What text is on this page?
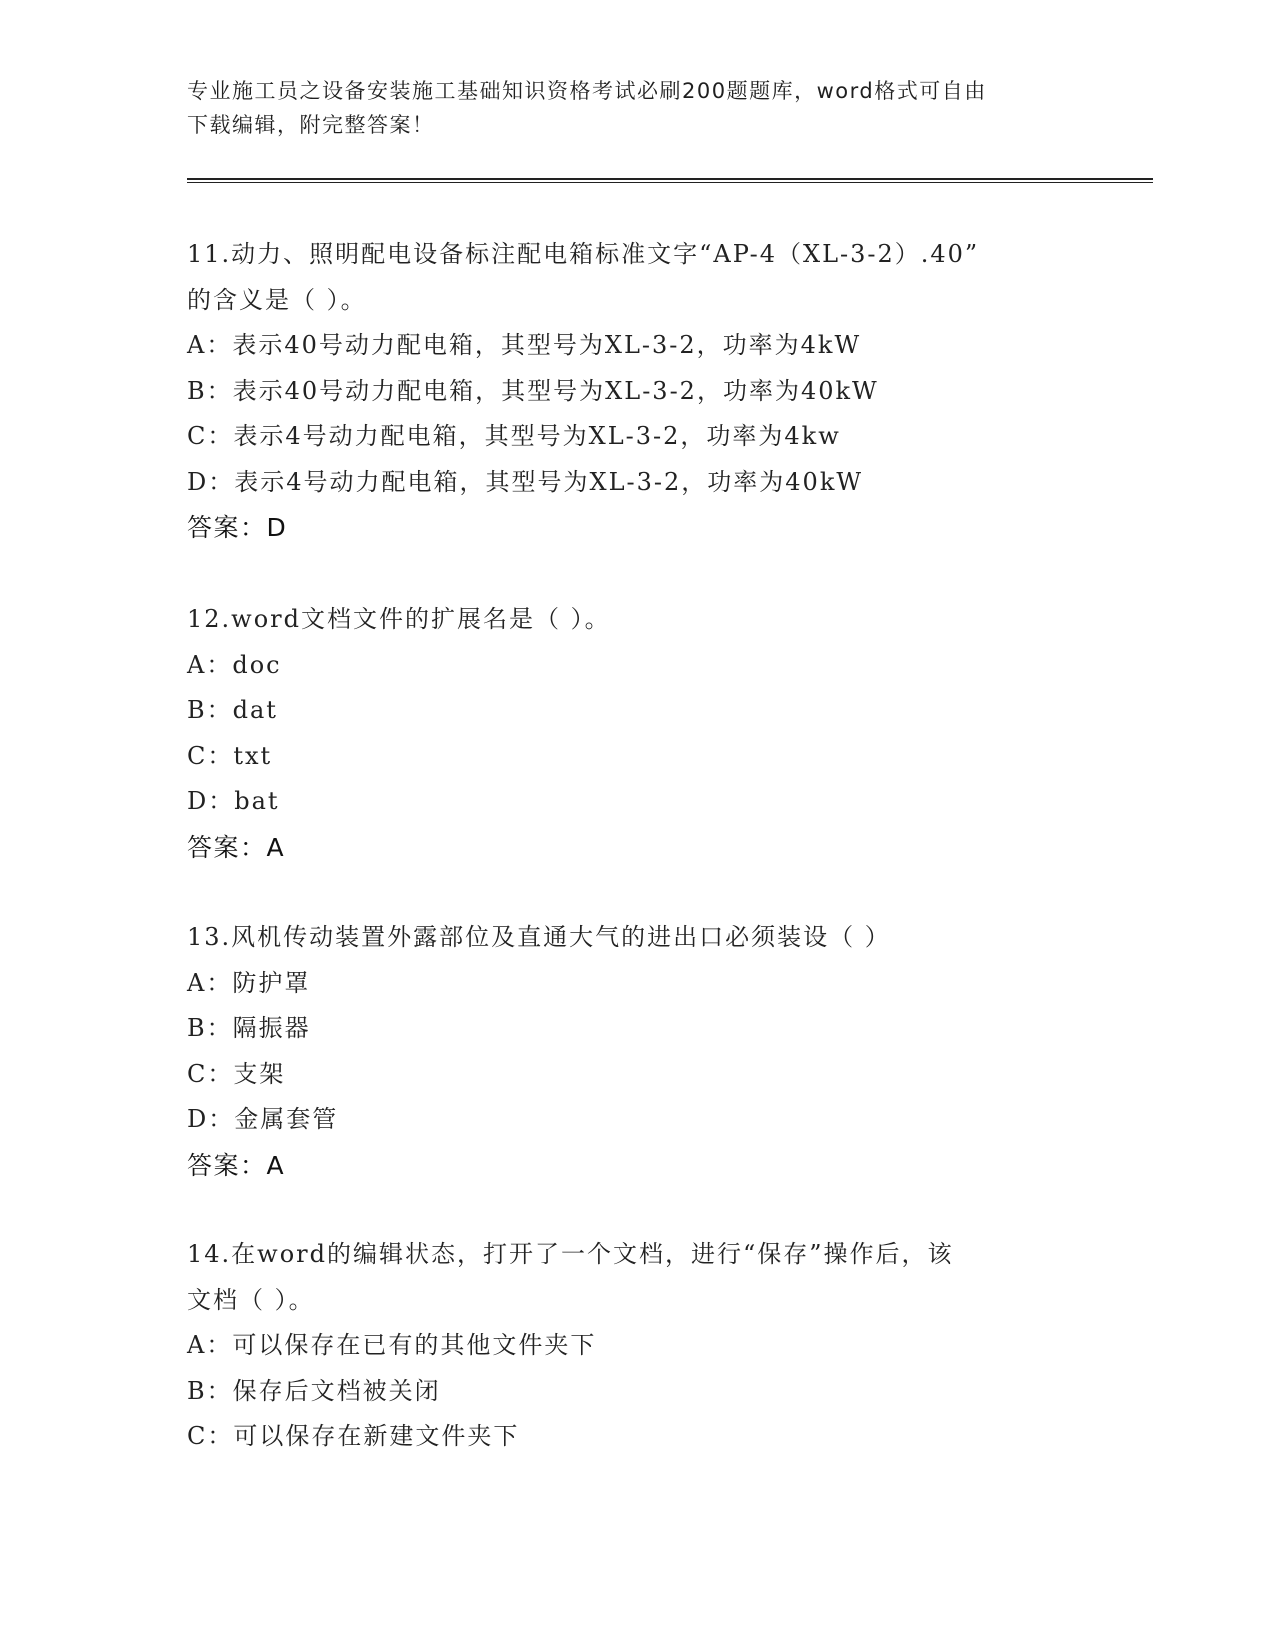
专业施工员之设备安装施工基础知识资格考试必刷200题题库，word格式可自由
下载编辑，附完整答案！
11.动力、照明配电设备标注配电箱标准文字“AP-4（XL-3-2）.40”
的含义是（ ）。
A：表示40号动力配电箱，其型号为XL-3-2，功率为4kW
B：表示40号动力配电箱，其型号为XL-3-2，功率为40kW
C：表示4号动力配电箱，其型号为XL-3-2，功率为4kw
D：表示4号动力配电箱，其型号为XL-3-2，功率为40kW
答案：D
12.word文档文件的扩展名是（ ）。
A：doc
B：dat
C：txt
D：bat
答案：A
13.风机传动装置外露部位及直通大气的进出口必须装设（ ）
A：防护罩
B：隔振器
C：支架
D：金属套管
答案：A
14.在word的编辑状态，打开了一个文档，进行“保存”操作后，该
文档（ ）。
A：可以保存在已有的其他文件夹下
B：保存后文档被关闭
C：可以保存在新建文件夹下
